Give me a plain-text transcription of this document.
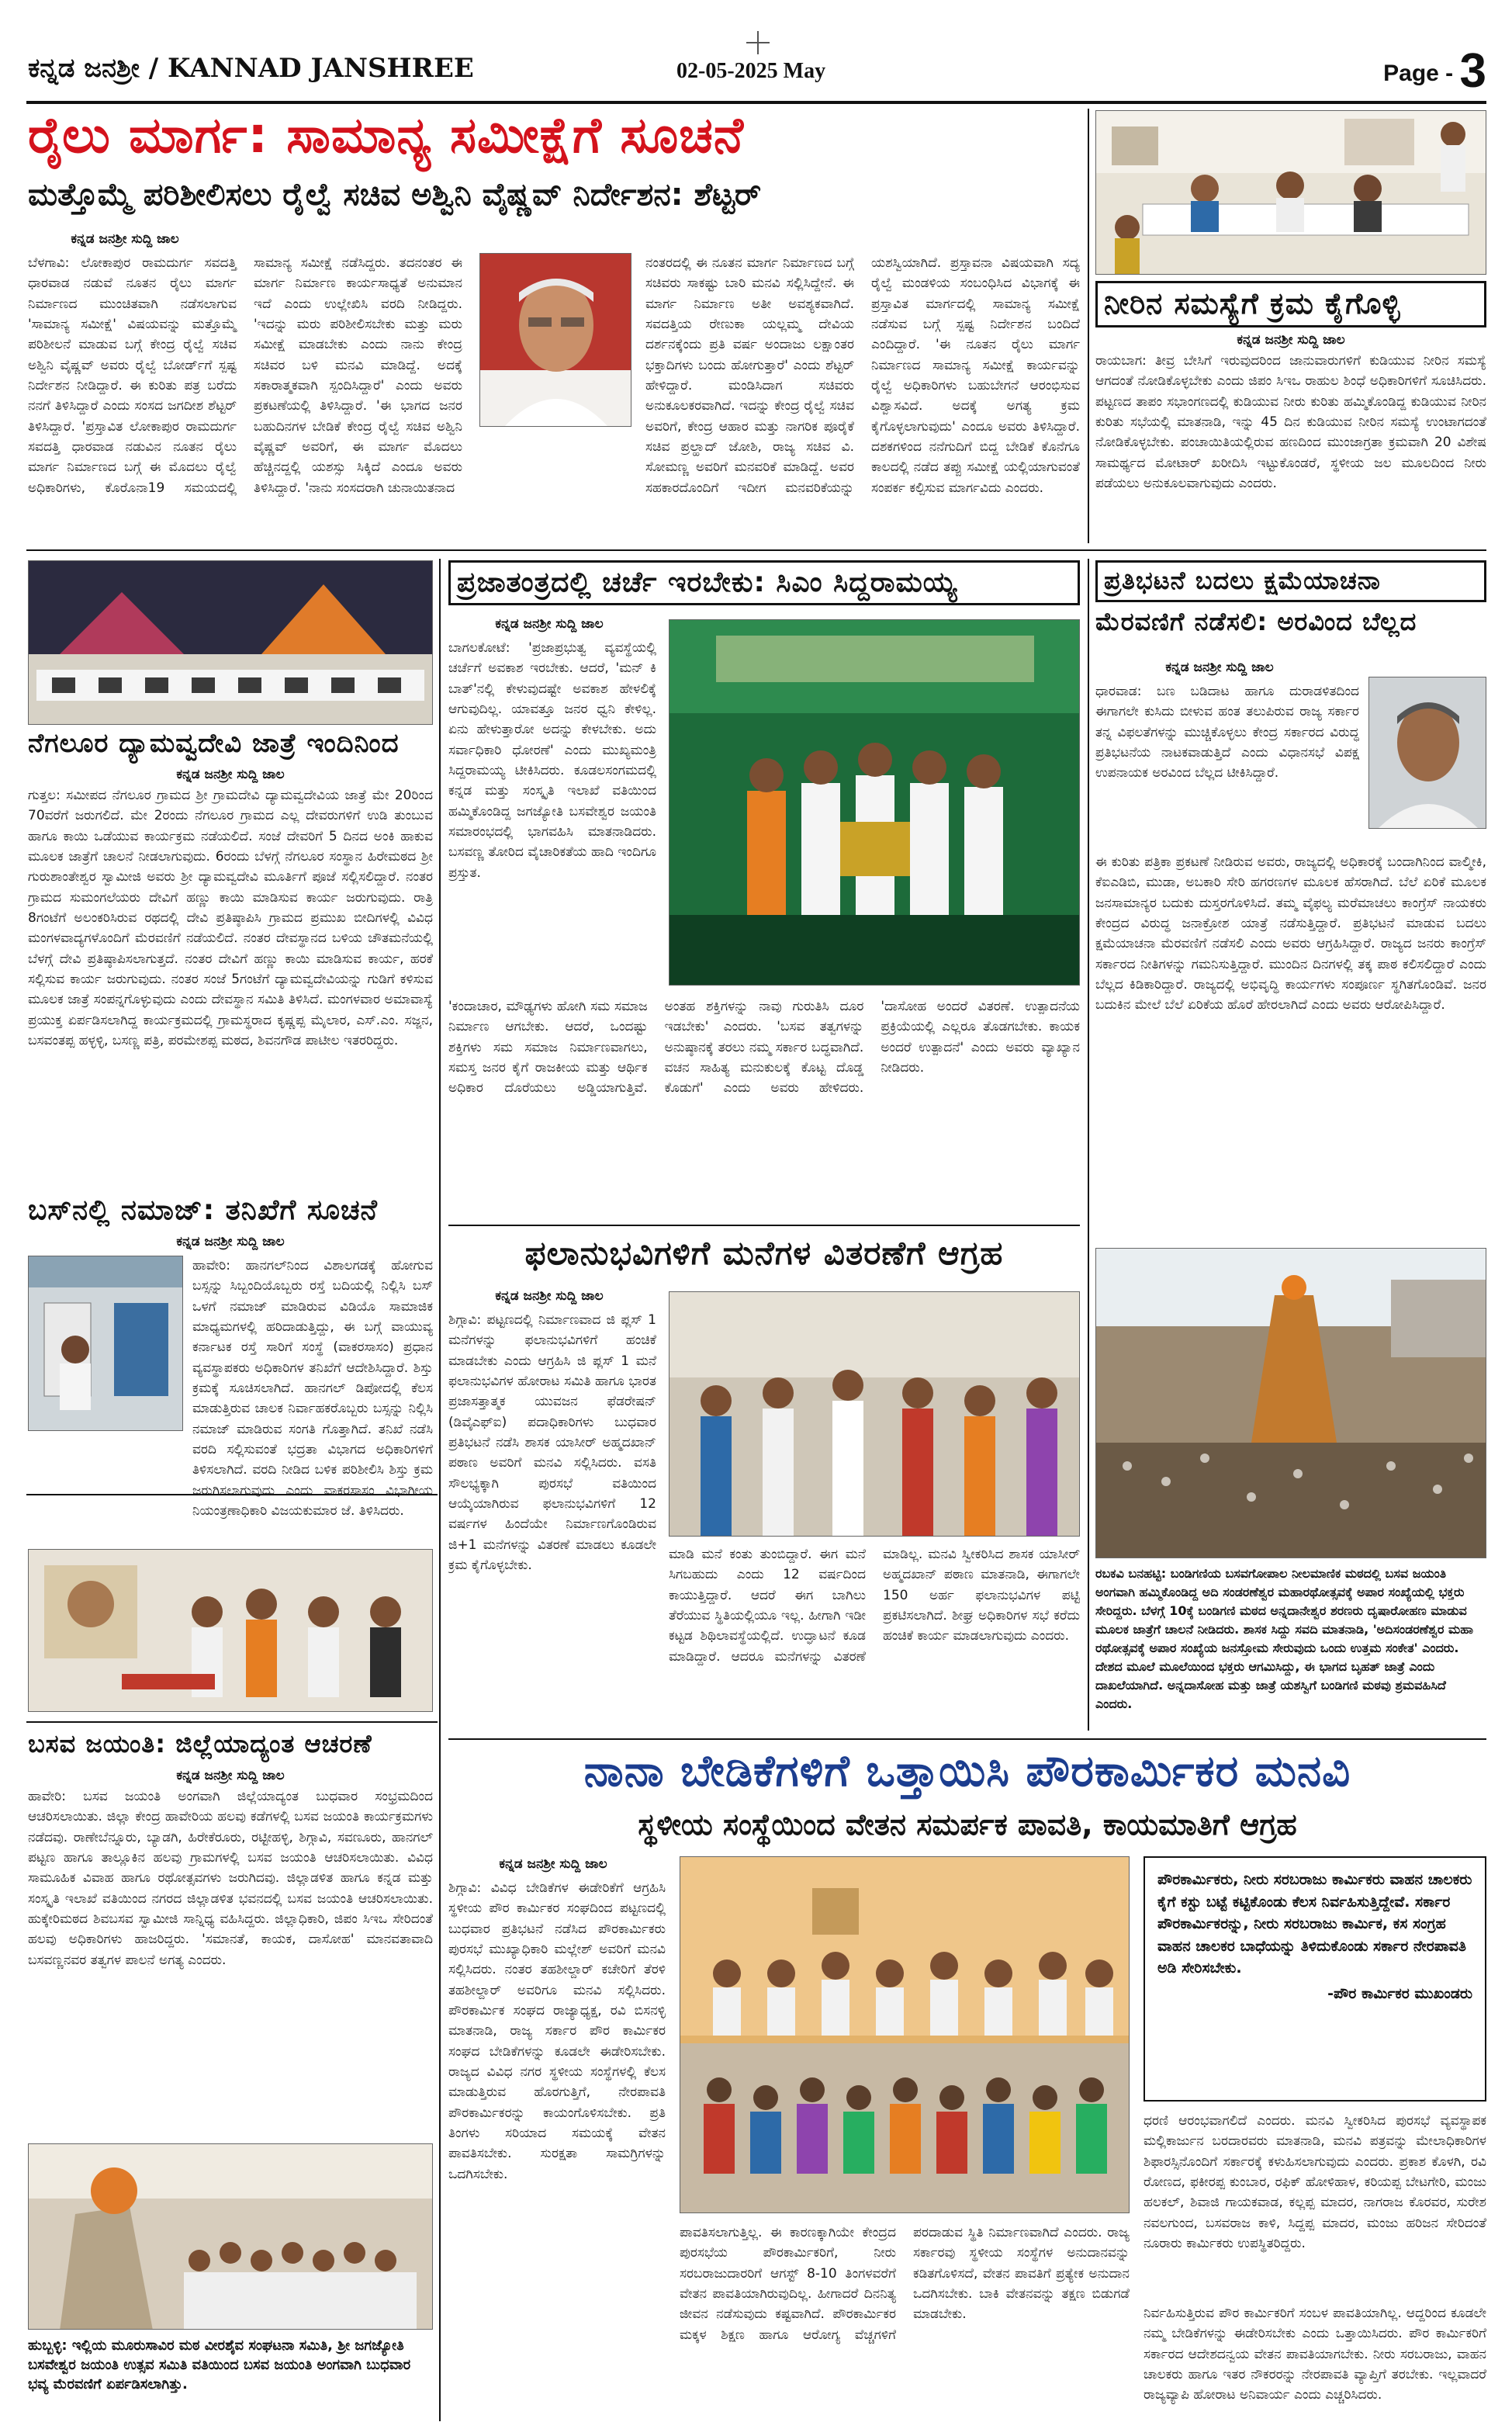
ಕನ್ನಡ ಜನಶ್ರೀ / KANNAD JANSHREE	02-05-2025 May	Page - 3
ರೈಲು ಮಾರ್ಗ: ಸಾಮಾನ್ಯ ಸಮೀಕ್ಷೆಗೆ ಸೂಚನೆ
ಮತ್ತೊಮ್ಮೆ ಪರಿಶೀಲಿಸಲು ರೈಲ್ವೆ ಸಚಿವ ಅಶ್ವಿನಿ ವೈಷ್ಣವ್ ನಿರ್ದೇಶನ: ಶೆಟ್ಟರ್
ಕನ್ನಡ ಜನಶ್ರೀ ಸುದ್ದಿ ಜಾಲ
ಬೆಳಗಾವಿ: ಲೋಕಾಪುರ ರಾಮದುರ್ಗ ಸವದತ್ತಿ ಧಾರವಾಡ ನಡುವೆ ನೂತನ ರೈಲು ಮಾರ್ಗ ನಿರ್ಮಾಣದ ಮುಂಚಿತವಾಗಿ ನಡೆಸಲಾಗುವ 'ಸಾಮಾನ್ಯ ಸಮೀಕ್ಷೆ' ವಿಷಯವನ್ನು ಮತ್ತೊಮ್ಮೆ ಪರಿಶೀಲನೆ ಮಾಡುವ ಬಗ್ಗೆ ಕೇಂದ್ರ ರೈಲ್ವೆ ಸಚಿವ ಅಶ್ವಿನಿ ವೈಷ್ಣವ್ ಅವರು ರೈಲ್ವೆ ಬೋರ್ಡ್‌ಗೆ ಸ್ಪಷ್ಟ ನಿರ್ದೇಶನ ನೀಡಿದ್ದಾರೆ. ಈ ಕುರಿತು ಪತ್ರ ಬರೆದು ನನಗೆ ತಿಳಿಸಿದ್ದಾರೆ ಎಂದು ಸಂಸದ ಜಗದೀಶ ಶೆಟ್ಟರ್ ತಿಳಿಸಿದ್ದಾರೆ. 'ಪ್ರಸ್ತಾವಿತ ಲೋಕಾಪುರ ರಾಮದುರ್ಗ ಸವದತ್ತಿ ಧಾರವಾಡ ನಡುವಿನ ನೂತನ ರೈಲು ಮಾರ್ಗ ನಿರ್ಮಾಣದ ಬಗ್ಗೆ ಈ ಮೊದಲು ರೈಲ್ವೆ ಅಧಿಕಾರಿಗಳು, ಕೊರೊನಾ19 ಸಮಯದಲ್ಲಿ ಸಾಮಾನ್ಯ ಸಮೀಕ್ಷೆ ನಡೆಸಿದ್ದರು. ತದನಂತರ ಈ ಮಾರ್ಗ ನಿರ್ಮಾಣ ಕಾರ್ಯಸಾಧ್ಯತೆ ಅನುಮಾನ ಇದೆ ಎಂದು ಉಲ್ಲೇಖಿಸಿ ವರದಿ ನೀಡಿದ್ದರು. 'ಇದನ್ನು ಮರು ಪರಿಶೀಲಿಸಬೇಕು ಮತ್ತು ಮರು ಸಮೀಕ್ಷೆ ಮಾಡಬೇಕು ಎಂದು ನಾನು ಕೇಂದ್ರ ಸಚಿವರ ಬಳಿ ಮನವಿ ಮಾಡಿದ್ದೆ. ಅದಕ್ಕೆ ಸಕಾರಾತ್ಮಕವಾಗಿ ಸ್ಪಂದಿಸಿದ್ದಾರೆ' ಎಂದು ಅವರು ಪ್ರಕಟಣೆಯಲ್ಲಿ ತಿಳಿಸಿದ್ದಾರೆ. 'ಈ ಭಾಗದ ಜನರ ಬಹುದಿನಗಳ ಬೇಡಿಕೆ ಕೇಂದ್ರ ರೈಲ್ವೆ ಸಚಿವ ಅಶ್ವಿನಿ ವೈಷ್ಣವ್ ಅವರಿಗೆ, ಈ ಮಾರ್ಗ ಮೊದಲು ಹೆಚ್ಚಿನದ್ದಲ್ಲಿ ಯಶಸ್ಸು ಸಿಕ್ಕಿದೆ ಎಂದೂ ಅವರು ತಿಳಿಸಿದ್ದಾರೆ. 'ನಾನು ಸಂಸದರಾಗಿ ಚುನಾಯಿತನಾದ
ನಂತರದಲ್ಲಿ ಈ ನೂತನ ಮಾರ್ಗ ನಿರ್ಮಾಣದ ಬಗ್ಗೆ ಸಚಿವರು ಸಾಕಷ್ಟು ಬಾರಿ ಮನವಿ ಸಲ್ಲಿಸಿದ್ದೇನೆ. ಈ ಮಾರ್ಗ ನಿರ್ಮಾಣ ಅತೀ ಅವಶ್ಯಕವಾಗಿದೆ. ಸವದತ್ತಿಯ ರೇಣುಕಾ ಯಲ್ಲಮ್ಮ ದೇವಿಯ ದರ್ಶನಕ್ಕೆಂದು ಪ್ರತಿ ವರ್ಷ ಅಂದಾಜು ಲಕ್ಷಾಂತರ ಭಕ್ತಾದಿಗಳು ಬಂದು ಹೋಗುತ್ತಾರೆ' ಎಂದು ಶೆಟ್ಟರ್ ಹೇಳಿದ್ದಾರೆ. ಮಂಡಿಸಿದಾಗ ಸಚಿವರು ಅನುಕೂಲಕರವಾಗಿದೆ. ಇದನ್ನು ಕೇಂದ್ರ ರೈಲ್ವೆ ಸಚಿವ ಅವರಿಗೆ, ಕೇಂದ್ರ ಆಹಾರ ಮತ್ತು ನಾಗರಿಕ ಪೂರೈಕೆ ಸಚಿವ ಪ್ರಲ್ಹಾದ್ ಜೋಶಿ, ರಾಜ್ಯ ಸಚಿವ ವಿ. ಸೋಮಣ್ಣ ಅವರಿಗೆ ಮನವರಿಕೆ ಮಾಡಿದ್ದೆ. ಅವರ ಸಹಕಾರದೊಂದಿಗೆ ಇದೀಗ ಮನವರಿಕೆಯನ್ನು ಯಶಸ್ವಿಯಾಗಿದೆ. ಪ್ರಸ್ತಾವನಾ ವಿಷಯವಾಗಿ ಸದ್ಯ ರೈಲ್ವೆ ಮಂಡಳಿಯ ಸಂಬಂಧಿಸಿದ ವಿಭಾಗಕ್ಕೆ ಈ ಪ್ರಸ್ತಾವಿತ ಮಾರ್ಗದಲ್ಲಿ ಸಾಮಾನ್ಯ ಸಮೀಕ್ಷೆ ನಡೆಸುವ ಬಗ್ಗೆ ಸ್ಪಷ್ಟ ನಿರ್ದೇಶನ ಬಂದಿದೆ ಎಂದಿದ್ದಾರೆ. 'ಈ ನೂತನ ರೈಲು ಮಾರ್ಗ ನಿರ್ಮಾಣದ ಸಾಮಾನ್ಯ ಸಮೀಕ್ಷೆ ಕಾರ್ಯವನ್ನು ರೈಲ್ವೆ ಅಧಿಕಾರಿಗಳು ಬಹುಬೇಗನೆ ಆರಂಭಿಸುವ ವಿಶ್ವಾಸವಿದೆ. ಅದಕ್ಕೆ ಅಗತ್ಯ ಕ್ರಮ ಕೈಗೊಳ್ಳಲಾಗುವುದು' ಎಂದೂ ಅವರು ತಿಳಿಸಿದ್ದಾರೆ. ದಶಕಗಳಿಂದ ನನೆಗುದಿಗೆ ಬಿದ್ದ ಬೇಡಿಕೆ ಕೊನೆಗೂ ಕಾಲದಲ್ಲಿ ನಡೆದ ತಪ್ಪು ಸಮೀಕ್ಷೆ ಯಲ್ಲಿಯಾಗುವಂತೆ ಸಂಪರ್ಕ ಕಲ್ಪಿಸುವ ಮಾರ್ಗವಿದು ಎಂದರು.
ನೀರಿನ ಸಮಸ್ಯೆಗೆ ಕ್ರಮ ಕೈಗೊಳ್ಳಿ
ಕನ್ನಡ ಜನಶ್ರೀ ಸುದ್ದಿ ಜಾಲ
ರಾಯಬಾಗ: ತೀವ್ರ ಬೇಸಿಗೆ ಇರುವುದರಿಂದ ಜಾನುವಾರುಗಳಿಗೆ ಕುಡಿಯುವ ನೀರಿನ ಸಮಸ್ಯೆ ಆಗದಂತೆ ನೋಡಿಕೊಳ್ಳಬೇಕು ಎಂದು ಜಿಪಂ ಸಿಇಒ ರಾಹುಲ ಶಿಂಧೆ ಅಧಿಕಾರಿಗಳಿಗೆ ಸೂಚಿಸಿದರು. ಪಟ್ಟಣದ ತಾಪಂ ಸಭಾಂಗಣದಲ್ಲಿ ಕುಡಿಯುವ ನೀರು ಕುರಿತು ಹಮ್ಮಿಕೊಂಡಿದ್ದ ಕುಡಿಯುವ ನೀರಿನ ಕುರಿತು ಸಭೆಯಲ್ಲಿ ಮಾತನಾಡಿ, ಇನ್ನು 45 ದಿನ ಕುಡಿಯುವ ನೀರಿನ ಸಮಸ್ಯೆ ಉಂಟಾಗದಂತೆ ನೋಡಿಕೊಳ್ಳಬೇಕು. ಪಂಚಾಯಿತಿಯಲ್ಲಿರುವ ಹಣದಿಂದ ಮುಂಜಾಗ್ರತಾ ಕ್ರಮವಾಗಿ 20 ವಿಶೇಷ ಸಾಮರ್ಥ್ಯದ ಮೋಟಾರ್ ಖರೀದಿಸಿ ಇಟ್ಟುಕೊಂಡರೆ, ಸ್ಥಳೀಯ ಜಲ ಮೂಲದಿಂದ ನೀರು ಪಡೆಯಲು ಅನುಕೂಲವಾಗುವುದು ಎಂದರು.
ನೆಗಲೂರ ದ್ಯಾಮವ್ವದೇವಿ ಜಾತ್ರೆ ಇಂದಿನಿಂದ
ಕನ್ನಡ ಜನಶ್ರೀ ಸುದ್ದಿ ಜಾಲ
ಗುತ್ತಲ: ಸಮೀಪದ ನೆಗಲೂರ ಗ್ರಾಮದ ಶ್ರೀ ಗ್ರಾಮದೇವಿ ದ್ಯಾಮವ್ವದೇವಿಯ ಜಾತ್ರೆ ಮೇ 20ರಿಂದ 70ವರೆಗೆ ಜರುಗಲಿದೆ. ಮೇ 2ರಂದು ನೆಗಲೂರ ಗ್ರಾಮದ ಎಲ್ಲ ದೇವರುಗಳಿಗೆ ಉಡಿ ತುಂಬುವ ಹಾಗೂ ಕಾಯಿ ಒಡೆಯುವ ಕಾರ್ಯಕ್ರಮ ನಡೆಯಲಿದೆ. ಸಂಜೆ ದೇವರಿಗೆ 5 ದಿನದ ಅಂಕಿ ಹಾಕುವ ಮೂಲಕ ಜಾತ್ರೆಗೆ ಚಾಲನೆ ನೀಡಲಾಗುವುದು. 6ರಂದು ಬೆಳಗ್ಗೆ ನೆಗಲೂರ ಸಂಸ್ಥಾನ ಹಿರೇಮಠದ ಶ್ರೀ ಗುರುಶಾಂತೇಶ್ವರ ಸ್ವಾಮೀಜಿ ಅವರು ಶ್ರೀ ದ್ಯಾಮವ್ವದೇವಿ ಮೂರ್ತಿಗೆ ಪೂಜೆ ಸಲ್ಲಿಸಲಿದ್ದಾರೆ. ನಂತರ ಗ್ರಾಮದ ಸುಮಂಗಲೆಯರು ದೇವಿಗೆ ಹಣ್ಣು ಕಾಯಿ ಮಾಡಿಸುವ ಕಾರ್ಯ ಜರುಗುವುದು. ರಾತ್ರಿ 8ಗಂಟೆಗೆ ಅಲಂಕರಿಸಿರುವ ರಥದಲ್ಲಿ ದೇವಿ ಪ್ರತಿಷ್ಠಾಪಿಸಿ ಗ್ರಾಮದ ಪ್ರಮುಖ ಬೀದಿಗಳಲ್ಲಿ ವಿವಿಧ ಮಂಗಳವಾದ್ಯಗಳೊಂದಿಗೆ ಮೆರವಣಿಗೆ ನಡೆಯಲಿದೆ. ನಂತರ ದೇವಸ್ಥಾನದ ಬಳಿಯ ಚೌತಮನೆಯಲ್ಲಿ ಬೆಳಗ್ಗೆ ದೇವಿ ಪ್ರತಿಷ್ಠಾಪಿಸಲಾಗುತ್ತದೆ. ನಂತರ ದೇವಿಗೆ ಹಣ್ಣು ಕಾಯಿ ಮಾಡಿಸುವ ಕಾರ್ಯ, ಹರಕೆ ಸಲ್ಲಿಸುವ ಕಾರ್ಯ ಜರುಗುವುದು. ನಂತರ ಸಂಜೆ 5ಗಂಟೆಗೆ ದ್ಯಾಮವ್ವದೇವಿಯನ್ನು ಗುಡಿಗೆ ಕಳಿಸುವ ಮೂಲಕ ಜಾತ್ರೆ ಸಂಪನ್ನಗೊಳ್ಳುವುದು ಎಂದು ದೇವಸ್ಥಾನ ಸಮಿತಿ ತಿಳಿಸಿದೆ. ಮಂಗಳವಾರ ಅಮಾವಾಸ್ಯೆ ಪ್ರಯುಕ್ತ ಏರ್ಪಡಿಸಲಾಗಿದ್ದ ಕಾರ್ಯಕ್ರಮದಲ್ಲಿ ಗ್ರಾಮಸ್ಥರಾದ ಕೃಷ್ಣಪ್ಪ ಮೈಲಾರ, ಎಸ್.ಎಂ. ಸಜ್ಜನ, ಬಸವಂತಪ್ಪ ಹಳ್ಳಳ್ಳಿ, ಬಸಣ್ಣ ಪತ್ರಿ, ಪರಮೇಶಪ್ಪ ಮಠದ, ಶಿವನಗೌಡ ಪಾಟೀಲ ಇತರರಿದ್ದರು.
ಬಸ್‌ನಲ್ಲಿ ನಮಾಜ್: ತನಿಖೆಗೆ ಸೂಚನೆ
ಕನ್ನಡ ಜನಶ್ರೀ ಸುದ್ದಿ ಜಾಲ
ಹಾವೇರಿ: ಹಾನಗಲ್‌ನಿಂದ ವಿಶಾಲಗಡಕ್ಕೆ ಹೋಗುವ ಬಸ್ಸನ್ನು ಸಿಬ್ಬಂದಿಯೊಬ್ಬರು ರಸ್ತೆ ಬದಿಯಲ್ಲಿ ನಿಲ್ಲಿಸಿ ಬಸ್ ಒಳಗೆ ನಮಾಜ್ ಮಾಡಿರುವ ವಿಡಿಯೊ ಸಾಮಾಜಿಕ ಮಾಧ್ಯಮಗಳಲ್ಲಿ ಹರಿದಾಡುತ್ತಿದ್ದು, ಈ ಬಗ್ಗೆ ವಾಯುವ್ಯ ಕರ್ನಾಟಕ ರಸ್ತೆ ಸಾರಿಗೆ ಸಂಸ್ಥೆ (ವಾಕರಸಾಸಂ) ಪ್ರಧಾನ ವ್ಯವಸ್ಥಾಪಕರು ಅಧಿಕಾರಿಗಳ ತನಿಖೆಗೆ ಆದೇಶಿಸಿದ್ದಾರೆ. ಶಿಸ್ತು ಕ್ರಮಕ್ಕೆ ಸೂಚಿಸಲಾಗಿದೆ. ಹಾನಗಲ್ ಡಿಪೋದಲ್ಲಿ ಕೆಲಸ ಮಾಡುತ್ತಿರುವ ಚಾಲಕ ನಿರ್ವಾಹಕರೊಬ್ಬರು ಬಸ್ಸನ್ನು ನಿಲ್ಲಿಸಿ ನಮಾಜ್ ಮಾಡಿರುವ ಸಂಗತಿ ಗೊತ್ತಾಗಿದೆ. ತನಿಖೆ ನಡೆಸಿ ವರದಿ ಸಲ್ಲಿಸುವಂತೆ ಭದ್ರತಾ ವಿಭಾಗದ ಅಧಿಕಾರಿಗಳಿಗೆ ತಿಳಿಸಲಾಗಿದೆ. ವರದಿ ನೀಡಿದ ಬಳಿಕ ಪರಿಶೀಲಿಸಿ ಶಿಸ್ತು ಕ್ರಮ ಜರುಗಿಸಲಾಗುವುದು ಎಂದು ವಾಕರಸಾಸಂ ವಿಭಾಗೀಯ ನಿಯಂತ್ರಣಾಧಿಕಾರಿ ವಿಜಯಕುಮಾರ ಜೆ. ತಿಳಿಸಿದರು.
ಬಸವ ಜಯಂತಿ: ಜಿಲ್ಲೆಯಾದ್ಯಂತ ಆಚರಣೆ
ಕನ್ನಡ ಜನಶ್ರೀ ಸುದ್ದಿ ಜಾಲ
ಹಾವೇರಿ: ಬಸವ ಜಯಂತಿ ಅಂಗವಾಗಿ ಜಿಲ್ಲೆಯಾದ್ಯಂತ ಬುಧವಾರ ಸಂಭ್ರಮದಿಂದ ಆಚರಿಸಲಾಯಿತು. ಜಿಲ್ಲಾ ಕೇಂದ್ರ ಹಾವೇರಿಯ ಹಲವು ಕಡೆಗಳಲ್ಲಿ ಬಸವ ಜಯಂತಿ ಕಾರ್ಯಕ್ರಮಗಳು ನಡೆದವು. ರಾಣೇಬೆನ್ನೂರು, ಬ್ಯಾಡಗಿ, ಹಿರೇಕೆರೂರು, ರಟ್ಟೀಹಳ್ಳಿ, ಶಿಗ್ಗಾವಿ, ಸವಣೂರು, ಹಾನಗಲ್ ಪಟ್ಟಣ ಹಾಗೂ ತಾಲ್ಲೂಕಿನ ಹಲವು ಗ್ರಾಮಗಳಲ್ಲಿ ಬಸವ ಜಯಂತಿ ಆಚರಿಸಲಾಯಿತು. ವಿವಿಧ ಸಾಮೂಹಿಕ ವಿವಾಹ ಹಾಗೂ ರಥೋತ್ಸವಗಳು ಜರುಗಿದವು. ಜಿಲ್ಲಾಡಳಿತ ಹಾಗೂ ಕನ್ನಡ ಮತ್ತು ಸಂಸ್ಕೃತಿ ಇಲಾಖೆ ವತಿಯಿಂದ ನಗರದ ಜಿಲ್ಲಾಡಳಿತ ಭವನದಲ್ಲಿ ಬಸವ ಜಯಂತಿ ಆಚರಿಸಲಾಯಿತು. ಹುಕ್ಕೇರಿಮಠದ ಶಿವಬಸವ ಸ್ವಾಮೀಜಿ ಸಾನ್ನಿಧ್ಯ ವಹಿಸಿದ್ದರು. ಜಿಲ್ಲಾಧಿಕಾರಿ, ಜಿಪಂ ಸಿಇಒ ಸೇರಿದಂತೆ ಹಲವು ಅಧಿಕಾರಿಗಳು ಹಾಜರಿದ್ದರು. 'ಸಮಾನತೆ, ಕಾಯಕ, ದಾಸೋಹ' ಮಾನವತಾವಾದಿ ಬಸವಣ್ಣನವರ ತತ್ವಗಳ ಪಾಲನೆ ಅಗತ್ಯ ಎಂದರು.
ಹುಬ್ಬಳ್ಳಿ: ಇಲ್ಲಿಯ ಮೂರುಸಾವಿರ ಮಠ ವೀರಶೈವ ಸಂಘಟನಾ ಸಮಿತಿ, ಶ್ರೀ ಜಗಜ್ಯೋತಿ ಬಸವೇಶ್ವರ ಜಯಂತಿ ಉತ್ಸವ ಸಮಿತಿ ವತಿಯಿಂದ ಬಸವ ಜಯಂತಿ ಅಂಗವಾಗಿ ಬುಧವಾರ ಭವ್ಯ ಮೆರವಣಿಗೆ ಏರ್ಪಡಿಸಲಾಗಿತ್ತು.
ಪ್ರಜಾತಂತ್ರದಲ್ಲಿ ಚರ್ಚೆ ಇರಬೇಕು: ಸಿಎಂ ಸಿದ್ದರಾಮಯ್ಯ
ಕನ್ನಡ ಜನಶ್ರೀ ಸುದ್ದಿ ಜಾಲ
ಬಾಗಲಕೋಟೆ: 'ಪ್ರಜಾಪ್ರಭುತ್ವ ವ್ಯವಸ್ಥೆಯಲ್ಲಿ ಚರ್ಚೆಗೆ ಅವಕಾಶ ಇರಬೇಕು. ಆದರೆ, 'ಮನ್ ಕಿ ಬಾತ್'ನಲ್ಲಿ ಕೇಳುವುದಷ್ಟೇ ಅವಕಾಶ ಹೇಳಲಿಕ್ಕೆ ಆಗುವುದಿಲ್ಲ. ಯಾವತ್ತೂ ಜನರ ಧ್ವನಿ ಕೇಳಿಲ್ಲ. ಏನು ಹೇಳುತ್ತಾರೋ ಅದನ್ನು ಕೇಳಬೇಕು. ಅದು ಸರ್ವಾಧಿಕಾರಿ ಧೋರಣೆ' ಎಂದು ಮುಖ್ಯಮಂತ್ರಿ ಸಿದ್ದರಾಮಯ್ಯ ಟೀಕಿಸಿದರು. ಕೂಡಲಸಂಗಮದಲ್ಲಿ ಕನ್ನಡ ಮತ್ತು ಸಂಸ್ಕೃತಿ ಇಲಾಖೆ ವತಿಯಿಂದ ಹಮ್ಮಿಕೊಂಡಿದ್ದ ಜಗಜ್ಯೋತಿ ಬಸವೇಶ್ವರ ಜಯಂತಿ ಸಮಾರಂಭದಲ್ಲಿ ಭಾಗವಹಿಸಿ ಮಾತನಾಡಿದರು. ಬಸವಣ್ಣ ತೋರಿದ ವೈಚಾರಿಕತೆಯ ಹಾದಿ ಇಂದಿಗೂ ಪ್ರಸ್ತುತ.
'ಕಂದಾಚಾರ, ಮೌಢ್ಯಗಳು ಹೋಗಿ ಸಮ ಸಮಾಜ ನಿರ್ಮಾಣ ಆಗಬೇಕು. ಆದರೆ, ಒಂದಷ್ಟು ಶಕ್ತಿಗಳು ಸಮ ಸಮಾಜ ನಿರ್ಮಾಣವಾಗಲು, ಸಮಸ್ತ ಜನರ ಕೈಗೆ ರಾಜಕೀಯ ಮತ್ತು ಆರ್ಥಿಕ ಅಧಿಕಾರ ದೊರೆಯಲು ಅಡ್ಡಿಯಾಗುತ್ತಿವೆ. ಅಂತಹ ಶಕ್ತಿಗಳನ್ನು ನಾವು ಗುರುತಿಸಿ ದೂರ ಇಡಬೇಕು' ಎಂದರು. 'ಬಸವ ತತ್ವಗಳನ್ನು ಅನುಷ್ಠಾನಕ್ಕೆ ತರಲು ನಮ್ಮ ಸರ್ಕಾರ ಬದ್ಧವಾಗಿದೆ. ವಚನ ಸಾಹಿತ್ಯ ಮನುಕುಲಕ್ಕೆ ಕೊಟ್ಟ ದೊಡ್ಡ ಕೊಡುಗೆ' ಎಂದು ಅವರು ಹೇಳಿದರು. 'ದಾಸೋಹ ಅಂದರೆ ವಿತರಣೆ. ಉತ್ಪಾದನೆಯ ಪ್ರಕ್ರಿಯೆಯಲ್ಲಿ ಎಲ್ಲರೂ ತೊಡಗಬೇಕು. ಕಾಯಕ ಅಂದರೆ ಉತ್ಪಾದನೆ' ಎಂದು ಅವರು ವ್ಯಾಖ್ಯಾನ ನೀಡಿದರು.
ಪ್ರತಿಭಟನೆ ಬದಲು ಕ್ಷಮೆಯಾಚನಾ
ಮೆರವಣಿಗೆ ನಡೆಸಲಿ: ಅರವಿಂದ ಬೆಲ್ಲದ
ಕನ್ನಡ ಜನಶ್ರೀ ಸುದ್ದಿ ಜಾಲ
ಧಾರವಾಡ: ಬಣ ಬಡಿದಾಟ ಹಾಗೂ ದುರಾಡಳಿತದಿಂದ ಈಗಾಗಲೇ ಕುಸಿದು ಬೀಳುವ ಹಂತ ತಲುಪಿರುವ ರಾಜ್ಯ ಸರ್ಕಾರ ತನ್ನ ವಿಫಲತೆಗಳನ್ನು ಮುಚ್ಚಿಕೊಳ್ಳಲು ಕೇಂದ್ರ ಸರ್ಕಾರದ ವಿರುದ್ಧ ಪ್ರತಿಭಟನೆಯ ನಾಟಕವಾಡುತ್ತಿದೆ ಎಂದು ವಿಧಾನಸಭೆ ವಿಪಕ್ಷ ಉಪನಾಯಕ ಅರವಿಂದ ಬೆಲ್ಲದ ಟೀಕಿಸಿದ್ದಾರೆ.
ಈ ಕುರಿತು ಪತ್ರಿಕಾ ಪ್ರಕಟಣೆ ನೀಡಿರುವ ಅವರು, ರಾಜ್ಯದಲ್ಲಿ ಅಧಿಕಾರಕ್ಕೆ ಬಂದಾಗಿನಿಂದ ವಾಲ್ಮೀಕಿ, ಕೆಐಎಡಿಬಿ, ಮುಡಾ, ಅಬಕಾರಿ ಸೇರಿ ಹಗರಣಗಳ ಮೂಲಕ ಹೆಸರಾಗಿದೆ. ಬೆಲೆ ಏರಿಕೆ ಮೂಲಕ ಜನಸಾಮಾನ್ಯರ ಬದುಕು ದುಸ್ತರಗೊಳಿಸಿದೆ. ತಮ್ಮ ವೈಫಲ್ಯ ಮರೆಮಾಚಲು ಕಾಂಗ್ರೆಸ್ ನಾಯಕರು ಕೇಂದ್ರದ ವಿರುದ್ಧ ಜನಾಕ್ರೋಶ ಯಾತ್ರೆ ನಡೆಸುತ್ತಿದ್ದಾರೆ. ಪ್ರತಿಭಟನೆ ಮಾಡುವ ಬದಲು ಕ್ಷಮೆಯಾಚನಾ ಮೆರವಣಿಗೆ ನಡೆಸಲಿ ಎಂದು ಅವರು ಆಗ್ರಹಿಸಿದ್ದಾರೆ. ರಾಜ್ಯದ ಜನರು ಕಾಂಗ್ರೆಸ್ ಸರ್ಕಾರದ ನೀತಿಗಳನ್ನು ಗಮನಿಸುತ್ತಿದ್ದಾರೆ. ಮುಂದಿನ ದಿನಗಳಲ್ಲಿ ತಕ್ಕ ಪಾಠ ಕಲಿಸಲಿದ್ದಾರೆ ಎಂದು ಬೆಲ್ಲದ ಕಿಡಿಕಾರಿದ್ದಾರೆ. ರಾಜ್ಯದಲ್ಲಿ ಅಭಿವೃದ್ಧಿ ಕಾರ್ಯಗಳು ಸಂಪೂರ್ಣ ಸ್ಥಗಿತಗೊಂಡಿವೆ. ಜನರ ಬದುಕಿನ ಮೇಲೆ ಬೆಲೆ ಏರಿಕೆಯ ಹೊರೆ ಹೇರಲಾಗಿದೆ ಎಂದು ಅವರು ಆರೋಪಿಸಿದ್ದಾರೆ.
ಫಲಾನುಭವಿಗಳಿಗೆ ಮನೆಗಳ ವಿತರಣೆಗೆ ಆಗ್ರಹ
ಕನ್ನಡ ಜನಶ್ರೀ ಸುದ್ದಿ ಜಾಲ
ಶಿಗ್ಗಾವಿ: ಪಟ್ಟಣದಲ್ಲಿ ನಿರ್ಮಾಣವಾದ ಜಿ ಪ್ಲಸ್ 1 ಮನೆಗಳನ್ನು ಫಲಾನುಭವಿಗಳಿಗೆ ಹಂಚಿಕೆ ಮಾಡಬೇಕು ಎಂದು ಆಗ್ರಹಿಸಿ ಜಿ ಪ್ಲಸ್ 1 ಮನೆ ಫಲಾನುಭವಿಗಳ ಹೋರಾಟ ಸಮಿತಿ ಹಾಗೂ ಭಾರತ ಪ್ರಜಾಸತ್ತಾತ್ಮಕ ಯುವಜನ ಫೆಡರೇಷನ್ (ಡಿವೈಎಫ್‌ಐ) ಪದಾಧಿಕಾರಿಗಳು ಬುಧವಾರ ಪ್ರತಿಭಟನೆ ನಡೆಸಿ ಶಾಸಕ ಯಾಸೀರ್ ಅಹ್ಮದಖಾನ್ ಪಠಾಣ ಅವರಿಗೆ ಮನವಿ ಸಲ್ಲಿಸಿದರು. ವಸತಿ ಸೌಲಭ್ಯಕ್ಕಾಗಿ ಪುರಸಭೆ ವತಿಯಿಂದ ಆಯ್ಕೆಯಾಗಿರುವ ಫಲಾನುಭವಿಗಳಿಗೆ 12 ವರ್ಷಗಳ ಹಿಂದೆಯೇ ನಿರ್ಮಾಣಗೊಂಡಿರುವ ಜಿ+1 ಮನೆಗಳನ್ನು ವಿತರಣೆ ಮಾಡಲು ಕೂಡಲೇ ಕ್ರಮ ಕೈಗೊಳ್ಳಬೇಕು.
ಮಾಡಿ ಮನೆ ಕಂತು ತುಂಬಿದ್ದಾರೆ. ಈಗ ಮನೆ ಸಿಗಬಹುದು ಎಂದು 12 ವರ್ಷದಿಂದ ಕಾಯುತ್ತಿದ್ದಾರೆ. ಆದರೆ ಈಗ ಬಾಗಿಲು ತೆರೆಯುವ ಸ್ಥಿತಿಯಲ್ಲಿಯೂ ಇಲ್ಲ. ಹೀಗಾಗಿ ಇಡೀ ಕಟ್ಟಡ ಶಿಥಿಲಾವಸ್ಥೆಯಲ್ಲಿದೆ. ಉದ್ಘಾಟನೆ ಕೂಡ ಮಾಡಿದ್ದಾರೆ. ಆದರೂ ಮನೆಗಳನ್ನು ವಿತರಣೆ ಮಾಡಿಲ್ಲ. ಮನವಿ ಸ್ವೀಕರಿಸಿದ ಶಾಸಕ ಯಾಸೀರ್ ಅಹ್ಮದಖಾನ್ ಪಠಾಣ ಮಾತನಾಡಿ, ಈಗಾಗಲೇ 150 ಅರ್ಹ ಫಲಾನುಭವಿಗಳ ಪಟ್ಟಿ ಪ್ರಕಟಿಸಲಾಗಿದೆ. ಶೀಘ್ರ ಅಧಿಕಾರಿಗಳ ಸಭೆ ಕರೆದು ಹಂಚಿಕೆ ಕಾರ್ಯ ಮಾಡಲಾಗುವುದು ಎಂದರು.
ರಬಕವಿ ಬನಹಟ್ಟಿ: ಬಂಡಿಗಣಿಯ ಬಸವಗೋಪಾಲ ನೀಲಮಾಣಿಕ ಮಠದಲ್ಲಿ ಬಸವ ಜಯಂತಿ ಅಂಗವಾಗಿ ಹಮ್ಮಿಕೊಂಡಿದ್ದ ಅದಿ ಸಂಡರಣೆಶ್ವರ ಮಹಾರಥೋತ್ಸವಕ್ಕೆ ಅಪಾರ ಸಂಖ್ಯೆಯಲ್ಲಿ ಭಕ್ತರು ಸೇರಿದ್ದರು. ಬೆಳಗ್ಗೆ 10ಕ್ಕೆ ಬಂಡಿಗಣಿ ಮಠದ ಅನ್ನದಾನೇಶ್ವರ ಶರಣರು ದೃಷಾರೋಹಣ ಮಾಡುವ ಮೂಲಕ ಜಾತ್ರೆಗೆ ಚಾಲನೆ ನೀಡಿದರು. ಶಾಸಕ ಸಿದ್ದು ಸವದಿ ಮಾತನಾಡಿ, 'ಅದಿಸಂಡರಣೆಶ್ವರ ಮಹಾ ರಥೋತ್ಸವಕ್ಕೆ ಅಪಾರ ಸಂಖ್ಯೆಯ ಜನಸ್ತೋಮ ಸೇರುವುದು ಒಂದು ಉತ್ತಮ ಸಂಕೇತ' ಎಂದರು. ದೇಶದ ಮೂಲೆ ಮೂಲೆಯಿಂದ ಭಕ್ತರು ಆಗಮಿಸಿದ್ದು, ಈ ಭಾಗದ ಬೃಹತ್ ಜಾತ್ರೆ ಎಂದು ದಾಖಲೆಯಾಗಿದೆ. ಅನ್ನದಾಸೋಹ ಮತ್ತು ಜಾತ್ರೆ ಯಶಸ್ವಿಗೆ ಬಂಡಿಗಣಿ ಮಠವು ಶ್ರಮವಹಿಸಿದೆ ಎಂದರು.
ನಾನಾ ಬೇಡಿಕೆಗಳಿಗೆ ಒತ್ತಾಯಿಸಿ ಪೌರಕಾರ್ಮಿಕರ ಮನವಿ
ಸ್ಥಳೀಯ ಸಂಸ್ಥೆಯಿಂದ ವೇತನ ಸಮರ್ಪಕ ಪಾವತಿ, ಕಾಯಮಾತಿಗೆ ಆಗ್ರಹ
ಕನ್ನಡ ಜನಶ್ರೀ ಸುದ್ದಿ ಜಾಲ
ಶಿಗ್ಗಾವಿ: ವಿವಿಧ ಬೇಡಿಕೆಗಳ ಈಡೇರಿಕೆಗೆ ಆಗ್ರಹಿಸಿ ಸ್ಥಳೀಯ ಪೌರ ಕಾರ್ಮಿಕರ ಸಂಘದಿಂದ ಪಟ್ಟಣದಲ್ಲಿ ಬುಧವಾರ ಪ್ರತಿಭಟನೆ ನಡೆಸಿದ ಪೌರಕಾರ್ಮಿಕರು ಪುರಸಭೆ ಮುಖ್ಯಾಧಿಕಾರಿ ಮಲ್ಲೇಶ್ ಅವರಿಗೆ ಮನವಿ ಸಲ್ಲಿಸಿದರು. ನಂತರ ತಹಶೀಲ್ದಾರ್ ಕಚೇರಿಗೆ ತೆರಳಿ ತಹಶೀಲ್ದಾರ್ ಅವರಿಗೂ ಮನವಿ ಸಲ್ಲಿಸಿದರು. ಪೌರಕಾರ್ಮಿಕ ಸಂಘದ ರಾಜ್ಯಾಧ್ಯಕ್ಷ, ರವಿ ಬಿಸನಳ್ಳಿ ಮಾತನಾಡಿ, ರಾಜ್ಯ ಸರ್ಕಾರ ಪೌರ ಕಾರ್ಮಿಕರ ಸಂಘದ ಬೇಡಿಕೆಗಳನ್ನು ಕೂಡಲೇ ಈಡೇರಿಸಬೇಕು. ರಾಜ್ಯದ ವಿವಿಧ ನಗರ ಸ್ಥಳೀಯ ಸಂಸ್ಥೆಗಳಲ್ಲಿ ಕೆಲಸ ಮಾಡುತ್ತಿರುವ ಹೊರಗುತ್ತಿಗೆ, ನೇರಪಾವತಿ ಪೌರಕಾರ್ಮಿಕರನ್ನು ಕಾಯಂಗೊಳಿಸಬೇಕು. ಪ್ರತಿ ತಿಂಗಳು ಸರಿಯಾದ ಸಮಯಕ್ಕೆ ವೇತನ ಪಾವತಿಸಬೇಕು. ಸುರಕ್ಷತಾ ಸಾಮಗ್ರಿಗಳನ್ನು ಒದಗಿಸಬೇಕು.
ಪಾವತಿಸಲಾಗುತ್ತಿಲ್ಲ. ಈ ಕಾರಣಕ್ಕಾಗಿಯೇ ಕೇಂದ್ರದ ಪುರಸಭೆಯ ಪೌರಕಾರ್ಮಿಕರಿಗೆ, ನೀರು ಸರಬರಾಜುದಾರರಿಗೆ ಆಗಸ್ಟ್ 8-10 ತಿಂಗಳವರೆಗೆ ವೇತನ ಪಾವತಿಯಾಗಿರುವುದಿಲ್ಲ. ಹೀಗಾದರೆ ದಿನನಿತ್ಯ ಜೀವನ ನಡೆಸುವುದು ಕಷ್ಟವಾಗಿದೆ. ಪೌರಕಾರ್ಮಿಕರ ಮಕ್ಕಳ ಶಿಕ್ಷಣ ಹಾಗೂ ಆರೋಗ್ಯ ವೆಚ್ಚಗಳಿಗೆ ಪರದಾಡುವ ಸ್ಥಿತಿ ನಿರ್ಮಾಣವಾಗಿದೆ ಎಂದರು. ರಾಜ್ಯ ಸರ್ಕಾರವು ಸ್ಥಳೀಯ ಸಂಸ್ಥೆಗಳ ಅನುದಾನವನ್ನು ಕಡಿತಗೊಳಿಸದೆ, ವೇತನ ಪಾವತಿಗೆ ಪ್ರತ್ಯೇಕ ಅನುದಾನ ಒದಗಿಸಬೇಕು. ಬಾಕಿ ವೇತನವನ್ನು ತಕ್ಷಣ ಬಿಡುಗಡೆ ಮಾಡಬೇಕು.
ಪೌರಕಾರ್ಮಿಕರು, ನೀರು ಸರಬರಾಜು ಕಾರ್ಮಿಕರು ವಾಹನ ಚಾಲಕರು ಕೈಗೆ ಕಸ್ಟು ಬಟ್ಟೆ ಕಟ್ಟಿಕೊಂಡು ಕೆಲಸ ನಿರ್ವಹಿಸುತ್ತಿದ್ದೇವೆ. ಸರ್ಕಾರ ಪೌರಕಾರ್ಮಿಕರನ್ನು, ನೀರು ಸರಬರಾಜು ಕಾರ್ಮಿಕ, ಕಸ ಸಂಗ್ರಹ ವಾಹನ ಚಾಲಕರ ಬಾಧೆಯನ್ನು ತಿಳಿದುಕೊಂಡು ಸರ್ಕಾರ ನೇರಪಾವತಿ ಅಡಿ ಸೇರಿಸಬೇಕು.
-ಪೌರ ಕಾರ್ಮಿಕರ ಮುಖಂಡರು
ಧರಣಿ ಆರಂಭವಾಗಲಿದೆ ಎಂದರು. ಮನವಿ ಸ್ವೀಕರಿಸಿದ ಪುರಸಭೆ ವ್ಯವಸ್ಥಾಪಕ ಮಲ್ಲಿಕಾರ್ಜುನ ಬರದಾರವರು ಮಾತನಾಡಿ, ಮನವಿ ಪತ್ರವನ್ನು ಮೇಲಾಧಿಕಾರಿಗಳ ಶಿಫಾರಸ್ಸಿನೊಂದಿಗೆ ಸರ್ಕಾರಕ್ಕೆ ಕಳುಹಿಸಲಾಗುವುದು ಎಂದರು. ಪ್ರಕಾಶ ಕೊಳಗಿ, ರವಿ ರೋಣದ, ಫಕೀರಪ್ಪ ಕುಂಬಾರ, ರಫಿಕ್ ಹೋಳಿಹಾಳ, ಕರಿಯಪ್ಪ ಬೇಟಗೇರಿ, ಮಂಜು ಹಲಕಲ್, ಶಿವಾಜಿ ಗಾಯಕವಾಡ, ಕಲ್ಲಪ್ಪ ಮಾದರ, ನಾಗರಾಜ ಕೊರವರ, ಸುರೇಶ ನವಲಗುಂದ, ಬಸವರಾಜ ಕಾಳಿ, ಸಿದ್ದಪ್ಪ ಮಾದರ, ಮಂಜು ಹರಿಜನ ಸೇರಿದಂತೆ ನೂರಾರು ಕಾರ್ಮಿಕರು ಉಪಸ್ಥಿತರಿದ್ದರು.
ನಿರ್ವಹಿಸುತ್ತಿರುವ ಪೌರ ಕಾರ್ಮಿಕರಿಗೆ ಸಂಬಳ ಪಾವತಿಯಾಗಿಲ್ಲ. ಆದ್ದರಿಂದ ಕೂಡಲೇ ನಮ್ಮ ಬೇಡಿಕೆಗಳನ್ನು ಈಡೇರಿಸಬೇಕು ಎಂದು ಒತ್ತಾಯಿಸಿದರು. ಪೌರ ಕಾರ್ಮಿಕರಿಗೆ ಸರ್ಕಾರದ ಆದೇಶದನ್ವಯ ವೇತನ ಪಾವತಿಯಾಗಬೇಕು. ನೀರು ಸರಬರಾಜು, ವಾಹನ ಚಾಲಕರು ಹಾಗೂ ಇತರ ನೌಕರರನ್ನು ನೇರಪಾವತಿ ವ್ಯಾಪ್ತಿಗೆ ತರಬೇಕು. ಇಲ್ಲವಾದರೆ ರಾಜ್ಯವ್ಯಾಪಿ ಹೋರಾಟ ಅನಿವಾರ್ಯ ಎಂದು ಎಚ್ಚರಿಸಿದರು.
